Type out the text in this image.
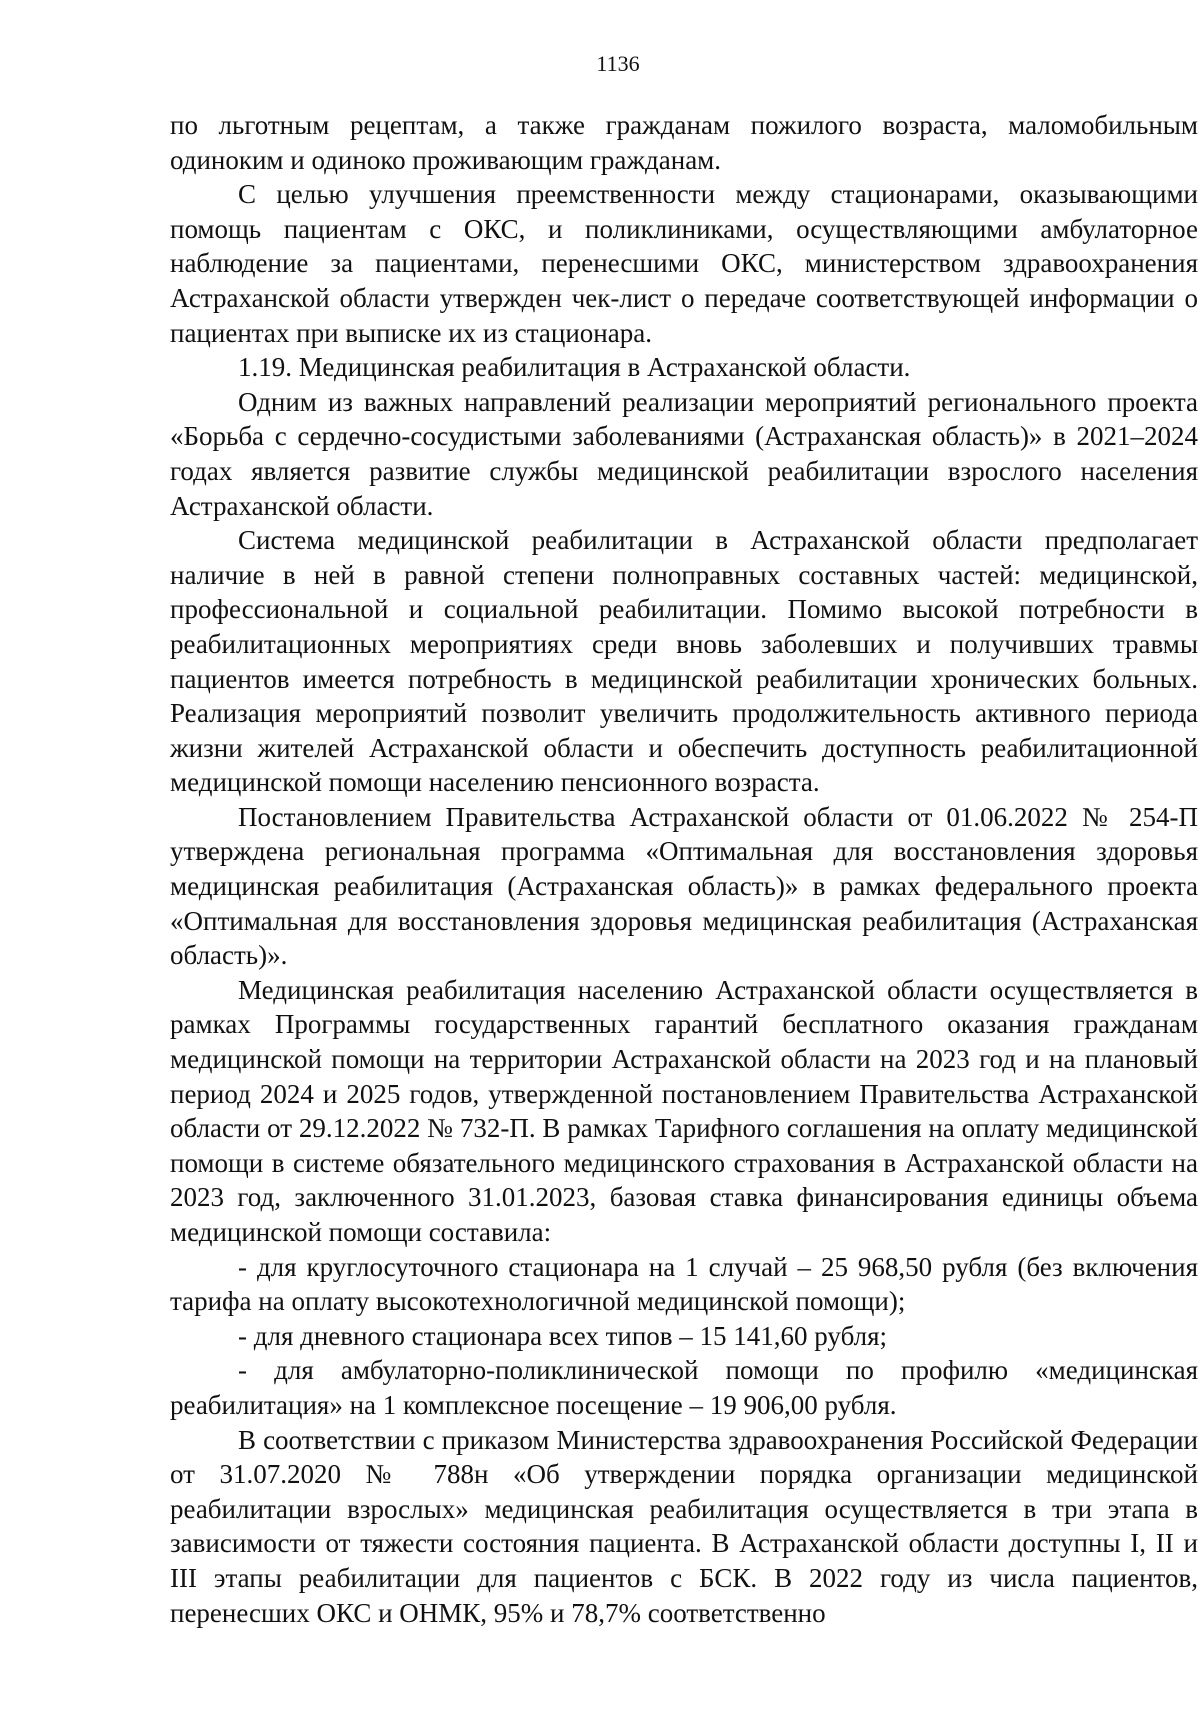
1136

по льготным рецептам, а также гражданам пожилого возраста, маломобильным одиноким и одиноко проживающим гражданам.

С целью улучшения преемственности между стационарами, оказывающими помощь пациентам с ОКС, и поликлиниками, осуществляющими амбулаторное наблюдение за пациентами, перенесшими ОКС, министерством здравоохранения Астраханской области утвержден чек-лист о передаче соответствующей информации о пациентах при выписке их из стационара.

1.19. Медицинская реабилитация в Астраханской области.

Одним из важных направлений реализации мероприятий регионального проекта «Борьба с сердечно-сосудистыми заболеваниями (Астраханская область)» в 2021–2024 годах является развитие службы медицинской реабилитации взрослого населения Астраханской области.

Система медицинской реабилитации в Астраханской области предполагает наличие в ней в равной степени полноправных составных частей: медицинской, профессиональной и социальной реабилитации. Помимо высокой потребности в реабилитационных мероприятиях среди вновь заболевших и получивших травмы пациентов имеется потребность в медицинской реабилитации хронических больных. Реализация мероприятий позволит увеличить продолжительность активного периода жизни жителей Астраханской области и обеспечить доступность реабилитационной медицинской помощи населению пенсионного возраста.

Постановлением Правительства Астраханской области от 01.06.2022 № 254-П утверждена региональная программа «Оптимальная для восстановления здоровья медицинская реабилитация (Астраханская область)» в рамках федерального проекта «Оптимальная для восстановления здоровья медицинская реабилитация (Астраханская область)».

Медицинская реабилитация населению Астраханской области осуществляется в рамках Программы государственных гарантий бесплатного оказания гражданам медицинской помощи на территории Астраханской области на 2023 год и на плановый период 2024 и 2025 годов, утвержденной постановлением Правительства Астраханской области от 29.12.2022 № 732-П. В рамках Тарифного соглашения на оплату медицинской помощи в системе обязательного медицинского страхования в Астраханской области на 2023 год, заключенного 31.01.2023, базовая ставка финансирования единицы объема медицинской помощи составила:

- для круглосуточного стационара на 1 случай – 25 968,50 рубля (без включения тарифа на оплату высокотехнологичной медицинской помощи);

- для дневного стационара всех типов – 15 141,60 рубля;

- для амбулаторно-поликлинической помощи по профилю «медицинская реабилитация» на 1 комплексное посещение – 19 906,00 рубля.

В соответствии с приказом Министерства здравоохранения Российской Федерации от 31.07.2020 № 788н «Об утверждении порядка организации медицинской реабилитации взрослых» медицинская реабилитация осуществляется в три этапа в зависимости от тяжести состояния пациента. В Астраханской области доступны I, II и III этапы реабилитации для пациентов с БСК. В 2022 году из числа пациентов, перенесших ОКС и ОНМК, 95% и 78,7% соответственно
